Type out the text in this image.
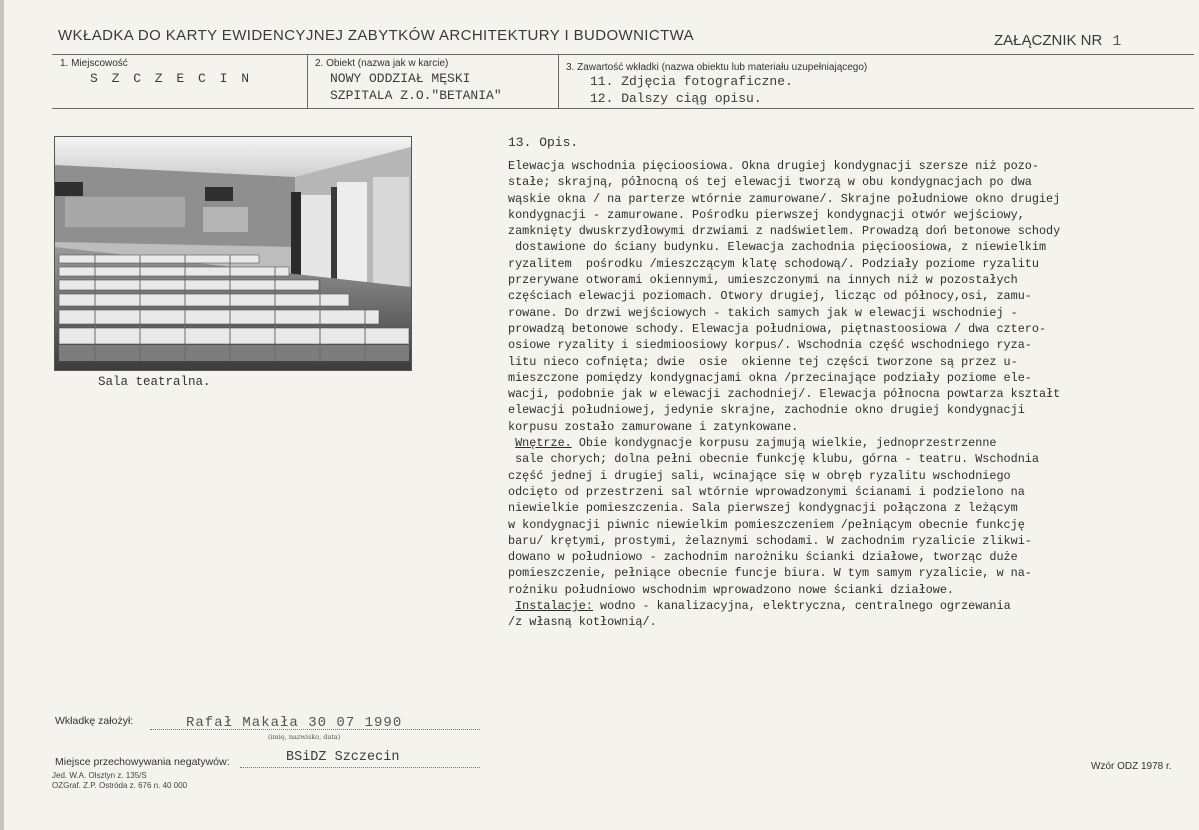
WKŁADKA DO KARTY EWIDENCYJNEJ ZABYTKÓW ARCHITEKTURY I BUDOWNICTWA	ZAŁĄCZNIK NR 1
1. Miejscowość
S Z C Z E C I N
2. Obiekt (nazwa jak w karcie)
NOWY ODDZIAŁ MĘSKI
SZPITALA Z.O."BETANIA"
3. Zawartość wkładki (nazwa obiektu lub materiału uzupełniającego)
11. Zdjęcia fotograficzne.
12. Dalszy ciąg opisu.
Sala teatralna.
13. Opis.
Elewacja wschodnia pięcioosiowa. Okna drugiej kondygnacji szersze niż pozo-
stałe; skrajną, północną oś tej elewacji tworzą w obu kondygnacjach po dwa
wąskie okna / na parterze wtórnie zamurowane/. Skrajne południowe okno drugiej
kondygnacji - zamurowane. Pośrodku pierwszej kondygnacji otwór wejściowy,
zamknięty dwuskrzydłowymi drzwiami z nadświetlem. Prowadzą doń betonowe schody
dostawione do ściany budynku. Elewacja zachodnia pięcioosiowa, z niewielkim
ryzalitem  pośrodku /mieszczącym klatę schodową/. Podziały poziome ryzalitu
przerywane otworami okiennymi, umieszczonymi na innych niż w pozostałych
częściach elewacji poziomach. Otwory drugiej, licząc od północy,osi, zamu-
rowane. Do drzwi wejściowych - takich samych jak w elewacji wschodniej -
prowadzą betonowe schody. Elewacja południowa, piętnastoosiowa / dwa cztero-
osiowe ryzality i siedmioosiowy korpus/. Wschodnia część wschodniego ryza-
litu nieco cofnięta; dwie  osie  okienne tej części tworzone są przez u-
mieszczone pomiędzy kondygnacjami okna /przecinające podziały poziome ele-
wacji, podobnie jak w elewacji zachodniej/. Elewacja północna powtarza kształt
elewacji południowej, jedynie skrajne, zachodnie okno drugiej kondygnacji
korpusu zostało zamurowane i zatynkowane.
Wnętrze. Obie kondygnacje korpusu zajmują wielkie, jednoprzestrzenne
sale chorych; dolna pełni obecnie funkcję klubu, górna - teatru. Wschodnia
część jednej i drugiej sali, wcinające się w obręb ryzalitu wschodniego
odcięto od przestrzeni sal wtórnie wprowadzonymi ścianami i podzielono na
niewielkie pomieszczenia. Sala pierwszej kondygnacji połączona z leżącym
w kondygnacji piwnic niewielkim pomieszczeniem /pełniącym obecnie funkcję
baru/ krętymi, prostymi, żelaznymi schodami. W zachodnim ryzalicie zlikwi-
dowano w południowo - zachodnim narożniku ścianki działowe, tworząc duże
pomieszczenie, pełniące obecnie funcje biura. W tym samym ryzalicie, w na-
rożniku południowo wschodnim wprowadzono nowe ścianki działowe.
Instalacje: wodno - kanalizacyjna, elektryczna, centralnego ogrzewania
/z własną kotłownią/.
Wkładkę założył:	Rafał Makała 30 07 1990
(imię, nazwisko, data)
Miejsce przechowywania negatywów:	BSiDZ Szczecin
Jed. W.A. Olsztyn z. 135/S
OZGraf. Z.P. Ostróda z. 676 n. 40 000
Wzór ODZ 1978 r.
